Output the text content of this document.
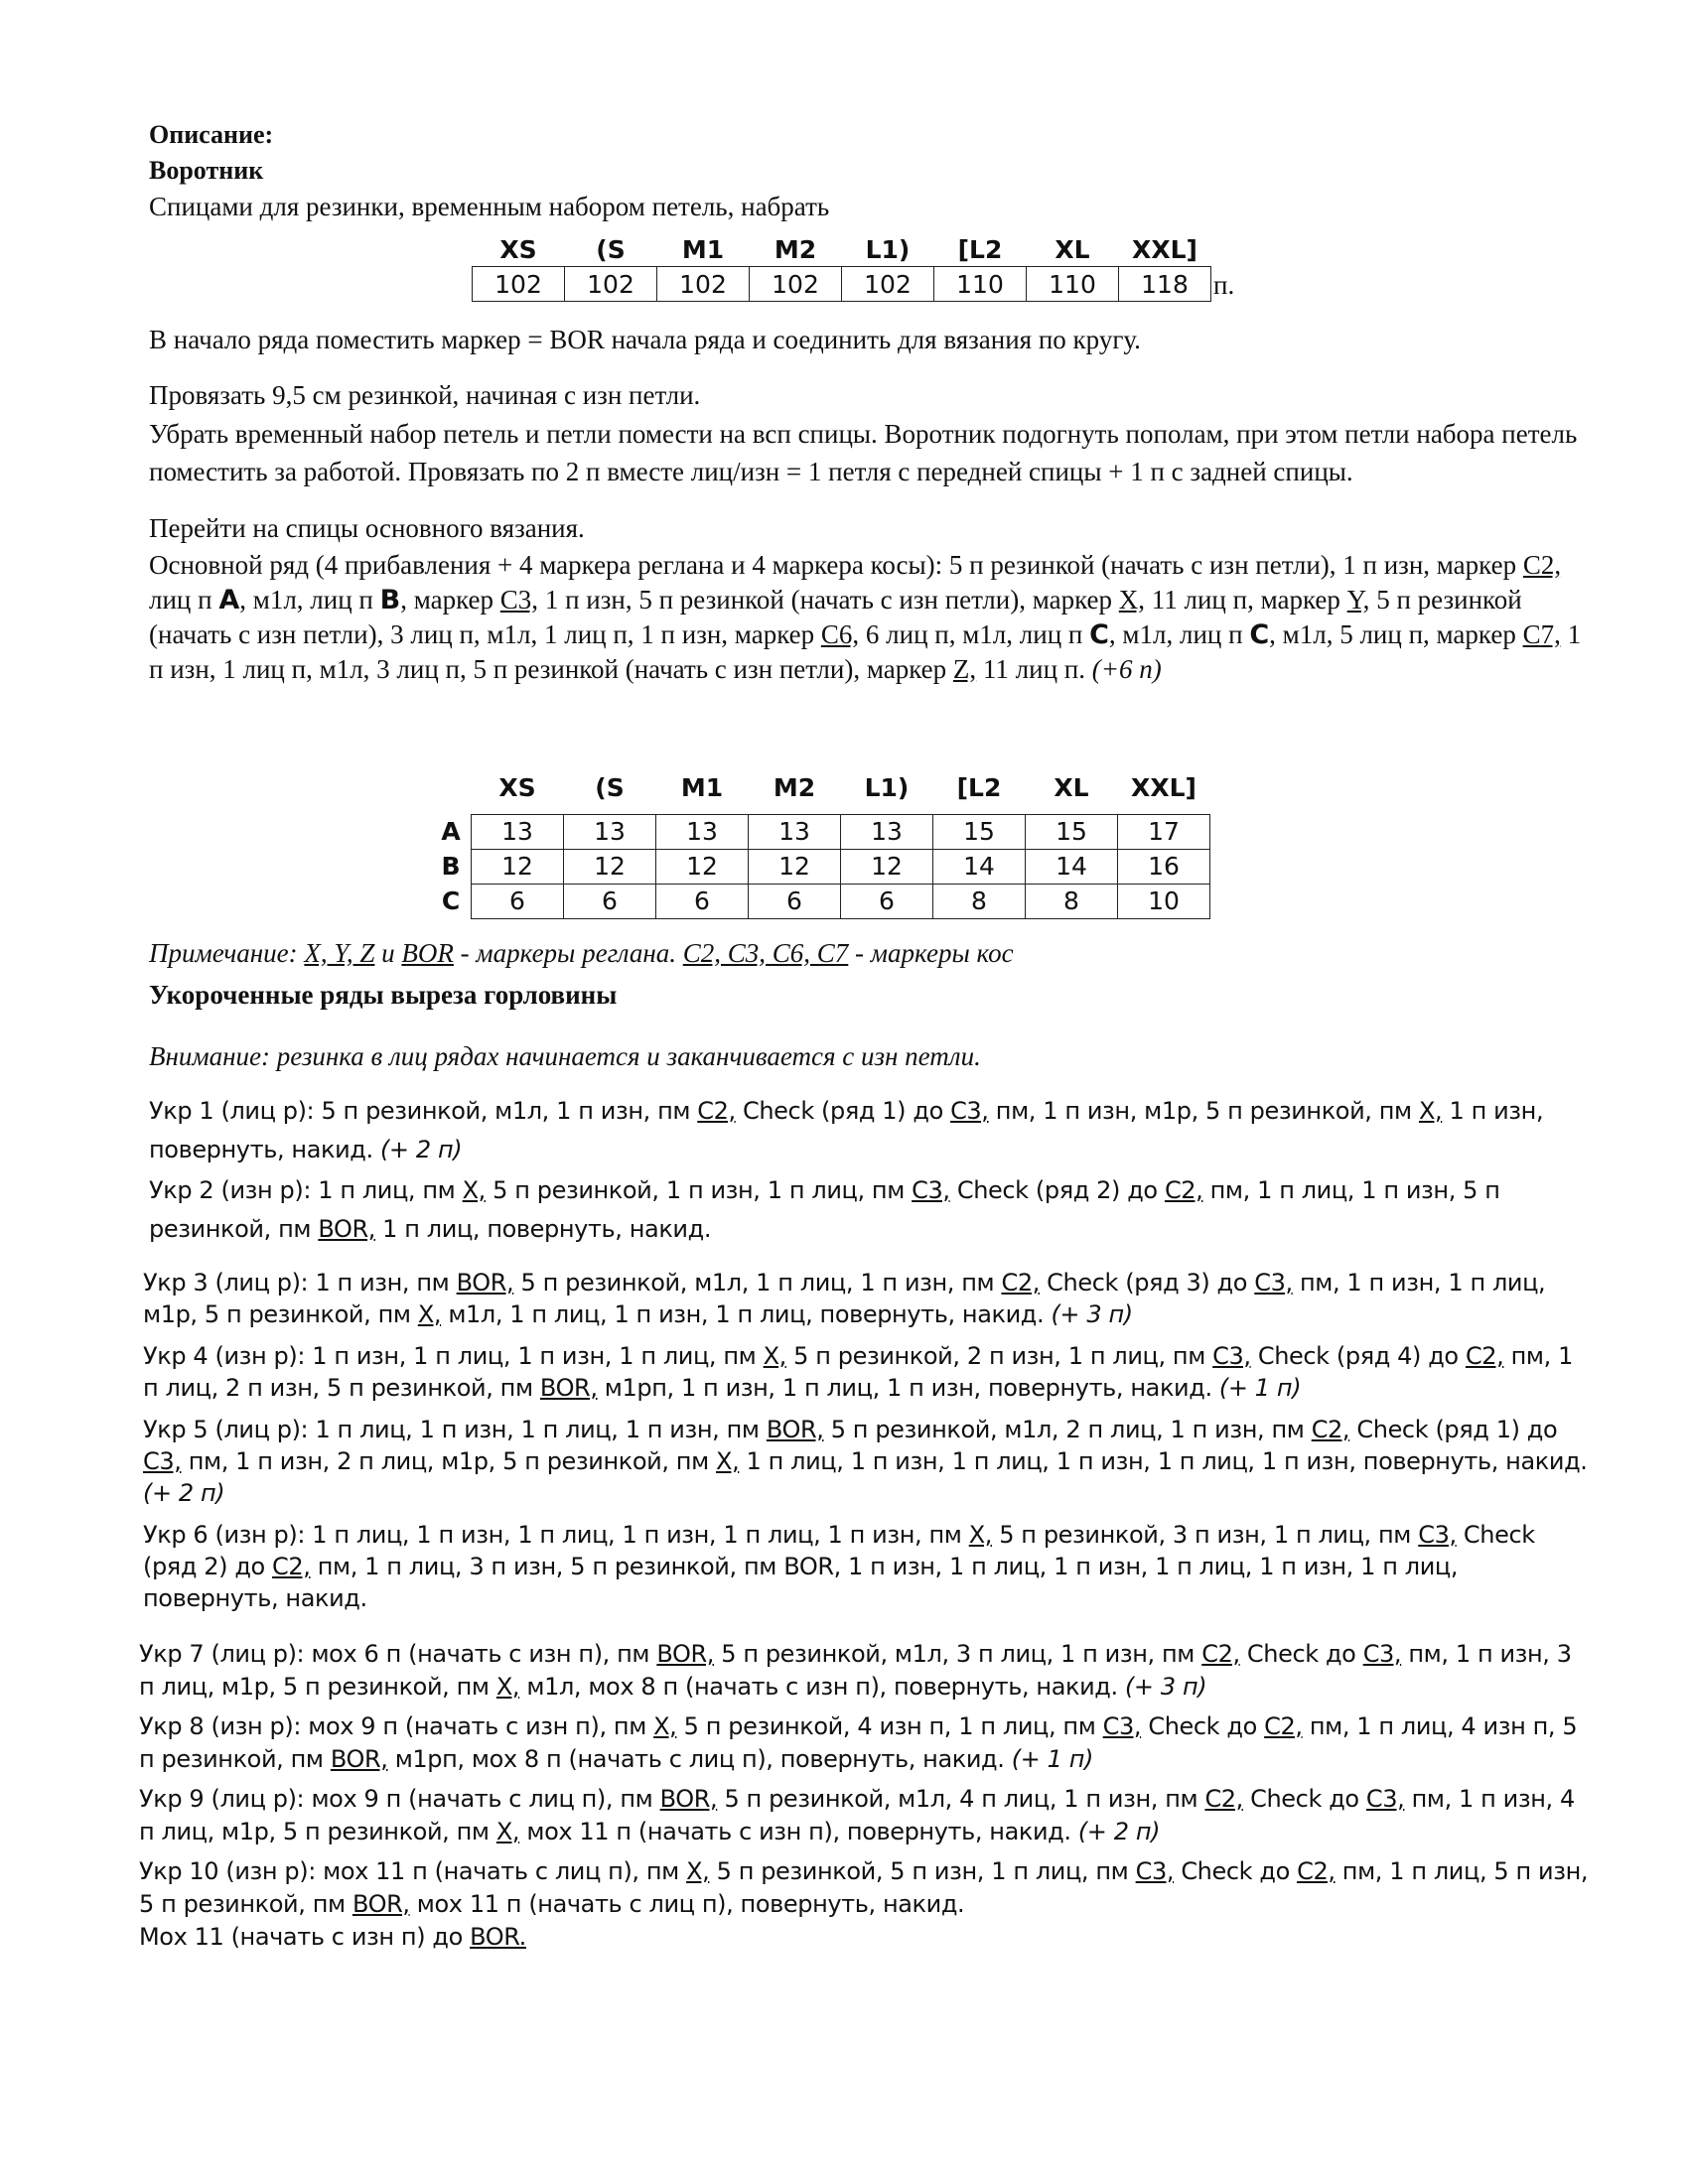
Описание:

Воротник

Спицами для резинки, временным набором петель, набрать

XS	(S	M1	M2	L1)	[L2	XL	XXL]
102	102	102	102	102	110	110	118 п.

В начало ряда поместить маркер = BOR начала ряда и соединить для вязания по кругу.

Провязать 9,5 см резинкой, начиная с изн петли.

Убрать временный набор петель и петли помести на всп спицы. Воротник подогнуть пополам, при этом петли набора петель поместить за работой. Провязать по 2 п вместе лиц/изн = 1 петля с передней спицы + 1 п с задней спицы.

Перейти на спицы основного вязания.

Основной ряд (4 прибавления + 4 маркера реглана и 4 маркера косы): 5 п резинкой (начать с изн петли), 1 п изн, маркер C2, лиц п A, м1л, лиц п B, маркер C3, 1 п изн, 5 п резинкой (начать с изн петли), маркер X, 11 лиц п, маркер Y, 5 п резинкой (начать с изн петли), 3 лиц п, м1л, 1 лиц п, 1 п изн, маркер C6, 6 лиц п, м1л, лиц п C, м1л, лиц п C, м1л, 5 лиц п, маркер C7, 1 п изн, 1 лиц п, м1л, 3 лиц п, 5 п резинкой (начать с изн петли), маркер Z, 11 лиц п. (+6 п)

	XS	(S	M1	M2	L1)	[L2	XL	XXL]
A	13	13	13	13	13	15	15	17
B	12	12	12	12	12	14	14	16
C	6	6	6	6	6	8	8	10

Примечание: X, Y, Z и BOR - маркеры реглана. C2, C3, C6, C7 - маркеры кос

Укороченные ряды выреза горловины

Внимание: резинка в лиц рядах начинается и заканчивается с изн петли.

Укр 1 (лиц р): 5 п резинкой, м1л, 1 п изн, пм C2, Check (ряд 1) до C3, пм, 1 п изн, м1р, 5 п резинкой, пм X, 1 п изн, повернуть, накид. (+ 2 п)

Укр 2 (изн р): 1 п лиц, пм X, 5 п резинкой, 1 п изн, 1 п лиц, пм C3, Check (ряд 2) до C2, пм, 1 п лиц, 1 п изн, 5 п резинкой, пм BOR, 1 п лиц, повернуть, накид.

Укр 3 (лиц р): 1 п изн, пм BOR, 5 п резинкой, м1л, 1 п лиц, 1 п изн, пм C2, Check (ряд 3) до C3, пм, 1 п изн, 1 п лиц, м1р, 5 п резинкой, пм X, м1л, 1 п лиц, 1 п изн, 1 п лиц, повернуть, накид. (+ 3 п)

Укр 4 (изн р): 1 п изн, 1 п лиц, 1 п изн, 1 п лиц, пм X, 5 п резинкой, 2 п изн, 1 п лиц, пм C3, Check (ряд 4) до C2, пм, 1 п лиц, 2 п изн, 5 п резинкой, пм BOR, м1рп, 1 п изн, 1 п лиц, 1 п изн, повернуть, накид. (+ 1 п)

Укр 5 (лиц р): 1 п лиц, 1 п изн, 1 п лиц, 1 п изн, пм BOR, 5 п резинкой, м1л, 2 п лиц, 1 п изн, пм C2, Check (ряд 1) до C3, пм, 1 п изн, 2 п лиц, м1р, 5 п резинкой, пм X, 1 п лиц, 1 п изн, 1 п лиц, 1 п изн, 1 п лиц, 1 п изн, повернуть, накид. (+ 2 п)

Укр 6 (изн р): 1 п лиц, 1 п изн, 1 п лиц, 1 п изн, 1 п лиц, 1 п изн, пм X, 5 п резинкой, 3 п изн, 1 п лиц, пм C3, Check (ряд 2) до C2, пм, 1 п лиц, 3 п изн, 5 п резинкой, пм BOR, 1 п изн, 1 п лиц, 1 п изн, 1 п лиц, 1 п изн, 1 п лиц, повернуть, накид.

Укр 7 (лиц р): мох 6 п (начать с изн п), пм BOR, 5 п резинкой, м1л, 3 п лиц, 1 п изн, пм C2, Check до C3, пм, 1 п изн, 3 п лиц, м1р, 5 п резинкой, пм X, м1л, мох 8 п (начать с изн п), повернуть, накид. (+ 3 п)

Укр 8 (изн р): мох 9 п (начать с изн п), пм X, 5 п резинкой, 4 изн п, 1 п лиц, пм C3, Check до C2, пм, 1 п лиц, 4 изн п, 5 п резинкой, пм BOR, м1рп, мох 8 п (начать с лиц п), повернуть, накид. (+ 1 п)

Укр 9 (лиц р): мох 9 п (начать с лиц п), пм BOR, 5 п резинкой, м1л, 4 п лиц, 1 п изн, пм C2, Check до C3, пм, 1 п изн, 4 п лиц, м1р, 5 п резинкой, пм X, мох 11 п (начать с изн п), повернуть, накид. (+ 2 п)

Укр 10 (изн р): мох 11 п (начать с лиц п), пм X, 5 п резинкой, 5 п изн, 1 п лиц, пм C3, Check до C2, пм, 1 п лиц, 5 п изн, 5 п резинкой, пм BOR, мох 11 п (начать с лиц п), повернуть, накид.

Мох 11 (начать с изн п) до BOR.
